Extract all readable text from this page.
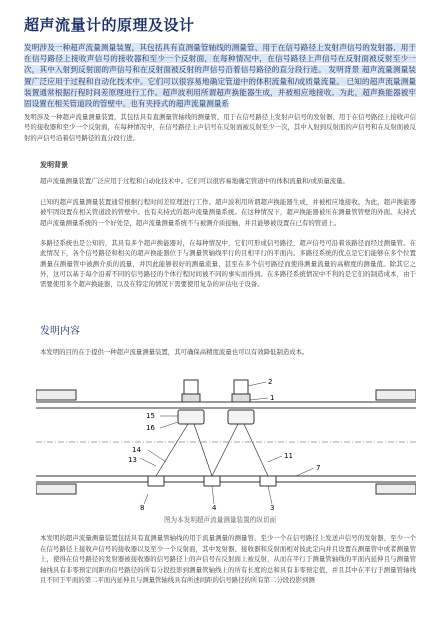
超声流量计的原理及设计
发明涉及一种超声流量测量装置，其包括具有直测量管轴线的测量管、用于在信号路径上发射声信号的发射器、用于在信号路径上接收声信号的接收器和至少一个反射面，在每种情况中，在信号路径上声信号在反射面被反射至少一次，其中入射到反射面的声信号和在反射面被反射的声信号沿着信号路径的直分段行进。 发明背景 超声流量测量装置广泛应用于过程和自动化技术中。它们可以很容易地确定管道中的体积流量和/或质量流量。 已知的超声流量测量装置通常根据行程时间差原理进行工作。超声波利用所谓超声换能器生成，并被相应地接收。为此，超声换能器被牢固设置在相关管道段的管壁中。也有夹持式的超声流量测量系
发明涉及一种超声流量测量装置，其包括具有直测量管轴线的测量管、用于在信号路径上发射声信号的发射器、用于在信号路径上接收声信号的接收器和至少一个反射面，在每种情况中，在信号路径上声信号在反射面被反射至少一次，其中入射到反射面的声信号和在反射面被反射的声信号沿着信号路径的直分段行进。
发明背景
超声流量测量装置广泛应用于过程和自动化技术中。它们可以很容易地确定管道中的体积流量和/或质量流量。
已知的超声流量测量装置通常根据行程时间差原理进行工作。超声波利用所谓超声换能器生成，并被相应地接收。为此，超声换能器被牢固设置在相关管道段的管壁中。也有夹持式的超声流量测量系统。在这种情况下，超声换能器被压在测量管管壁的外面。夹持式超声流量测量系统的一个好处是，超声流量测量系统不与被测介质接触，并且能够被设置在已有的管道上。
多路径系统也是公知的，其具有多个超声换能器对，在每种情况中，它们可形成信号路径，超声信号可沿着该路径而经过测量管。在此情况下，各个信号路径和相关的超声换能器位于与测量管轴线平行的且相平行的平面内。多路径系统的优点是它们能够在多个位置测量在测量管中被测介质的流量，并因此能够很好的测量流量，甚至在多个信号路径而使得测量流量的高精度的测量值。除其它之外，这可以基于每个沿着不同的信号路径的个体行程时间被不同的事实而得到。在多路径系统情况中不利的是它们的制造成本，由于需要使用多个超声换能器，以及在特定的情况下需要使用复杂的评估电子设备。
发明内容
本发明的目的在于提供一种超声流量测量装置，其可确保高精度流量也可以有效降低制造成本。
2
1
15
16
14
13	11
7
8	4	3
图为本发明超声流量测量装置的纵切面
本发明的超声流量测量装置包括具有直测量管轴线的用于流量测量的测量管、至少一个在信号路径上发送声信号的发射器、至少一个在信号路径上接收声信号的接收器以及至少一个反射面，其中发射器、接收器和反射面相对彼此定向并且设置在测量管中或者测量管上，使得在信号路径的发射器被接收器的信号路径上的声信号在反射面上被反射，从而在平行于测量管轴线的平面内延伸且与测量管轴线具有非零预定间距的信号路径的所有分段投影到测量管轴线上的所有长度的总和具有非零预定值，并且其中在平行于测量管轴线且不同于平面的第二平面内延伸且与测量管轴线具有所述间距的信号路径的所有第二分段投影到测
